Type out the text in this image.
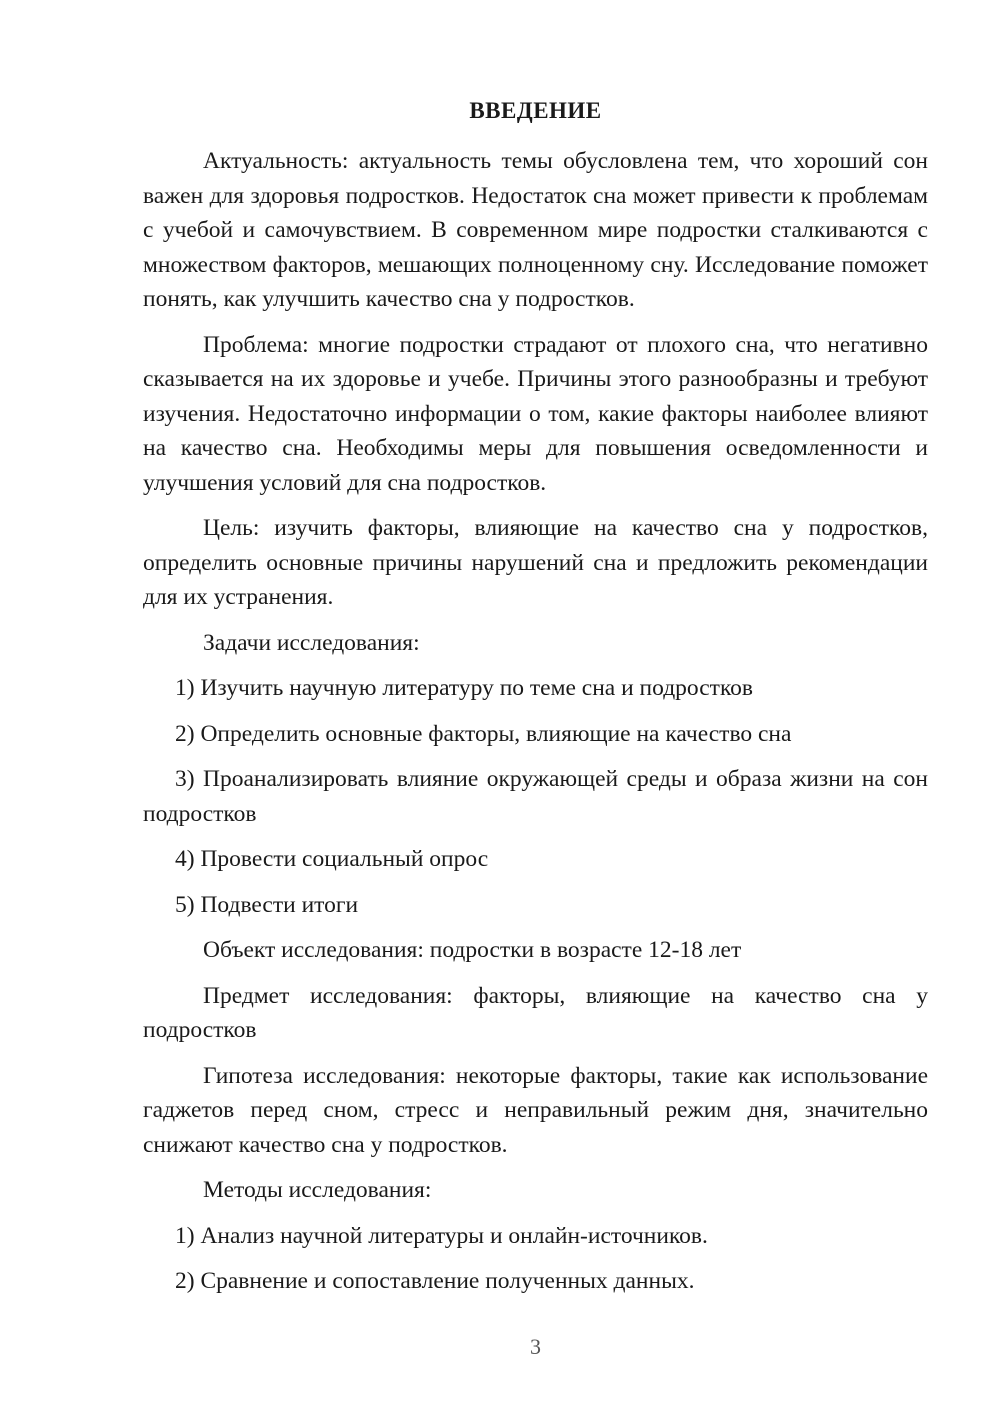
ВВЕДЕНИЕ

Актуальность: актуальность темы обусловлена тем, что хороший сон важен для здоровья подростков. Недостаток сна может привести к проблемам с учебой и самочувствием. В современном мире подростки сталкиваются с множеством факторов, мешающих полноценному сну. Исследование поможет понять, как улучшить качество сна у подростков.

Проблема: многие подростки страдают от плохого сна, что негативно сказывается на их здоровье и учебе. Причины этого разнообразны и требуют изучения. Недостаточно информации о том, какие факторы наиболее влияют на качество сна. Необходимы меры для повышения осведомленности и улучшения условий для сна подростков.

Цель: изучить факторы, влияющие на качество сна у подростков, определить основные причины нарушений сна и предложить рекомендации для их устранения.

Задачи исследования:

1) Изучить научную литературу по теме сна и подростков

2) Определить основные факторы, влияющие на качество сна

3) Проанализировать влияние окружающей среды и образа жизни на сон подростков

4) Провести социальный опрос

5) Подвести итоги

Объект исследования: подростки в возрасте 12-18 лет

Предмет исследования: факторы, влияющие на качество сна у подростков

Гипотеза исследования: некоторые факторы, такие как использование гаджетов перед сном, стресс и неправильный режим дня, значительно снижают качество сна у подростков.

Методы исследования:

1) Анализ научной литературы и онлайн-источников.

2) Сравнение и сопоставление полученных данных.

3
